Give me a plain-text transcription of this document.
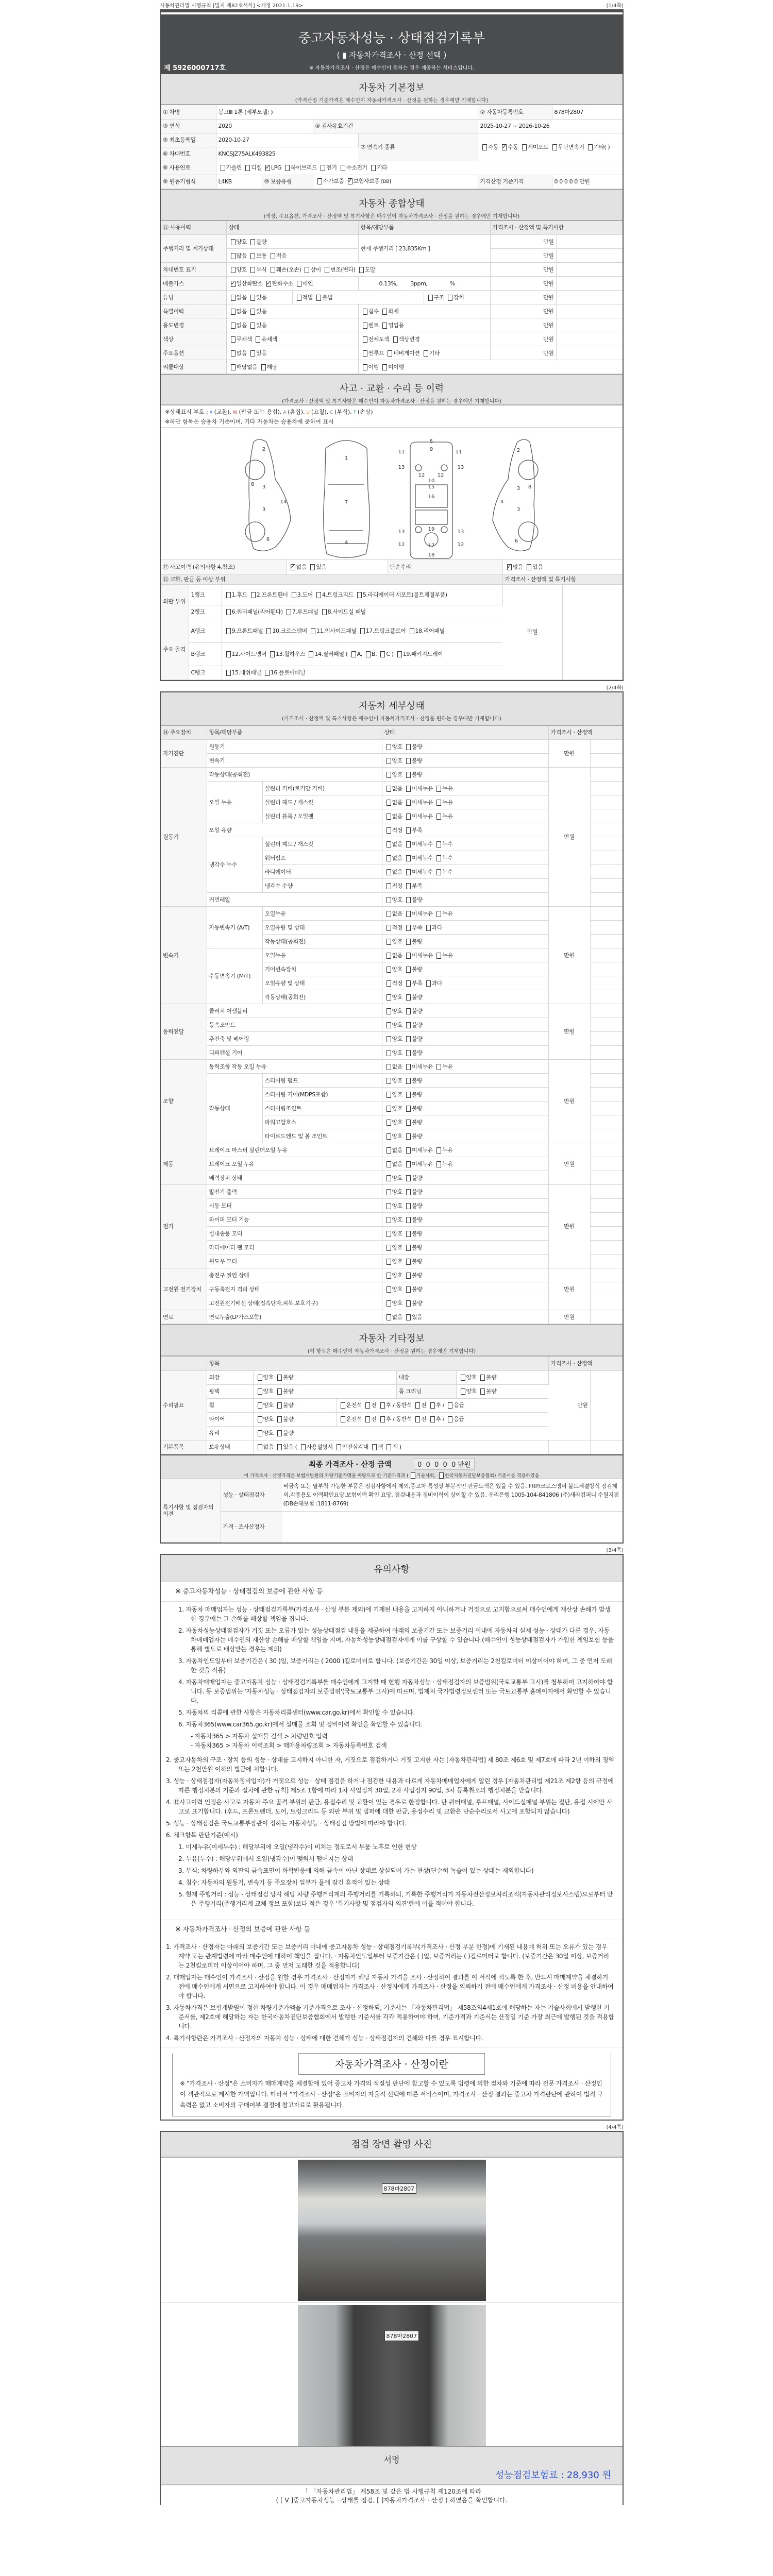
자동차관리법 시행규칙 [별지 제82호서식] <개정 2021.1.19>	(1/4쪽)
중고자동차성능 · 상태점검기록부
( ▮ 자동차가격조사 · 산정 선택 )
※ 자동차가격조사 · 산정은 매수인이 원하는 경우 제공하는 서비스입니다.
제 5926000717호
자동차 기본정보
(가격산정 기준가격은 매수인이 자동차가격조사 · 산정을 원하는 경우에만 기재합니다)
① 차명	봉고Ⅲ 1톤 (세부모델: )				② 자동차등록번호	878마2807
③ 연식	2020		④ 검사유효기간		2025-10-27 ~ 2026-10-26	
⑤ 최초등록일	2020-10-27			⑦ 변속기 종류	자동 ✓ 수동 세미오토 무단변속기 기타( )
⑥ 차대번호	KNCSJZ75ALK493825					
⑧ 사용연료	가솔린 디젤 ✓ LPG 하이브리드 전기 수소전기 기타
⑨ 원동기형식	L4KB	⑩ 보증유형	자가보증 ✓ 보험사보증 [DB]		가격산정 기준가격	0 0 0 0 0 만원
자동차 종합상태
(색상, 주요옵션, 가격조사 · 산정액 및 특기사항은 매수인이 자동차가격조사 · 산정을 원하는 경우에만 기재합니다)
⑪ 사용이력	상태		항목/해당부품		가격조사 · 산정액 및 특기사항	
주행거리 및 계기상태	양호 불량		현재 주행거리 [ 23,835Km ]		만원	
	많음 보통 적음				만원	
차대번호 표기	양호 부식 훼손(오손) 상이 변조(변타) 도말				만원	
배출가스	✓일산화탄소 ✓ 탄화수소 매연		0.13%,        3ppm,              %		만원	
튜닝	없음 있음	적법 불법		구조 장치	만원	
특별이력	없음 있음		침수 화재		만원	
용도변경	없음 있음		렌트 영업용		만원	
색상	무채색 유채색		전체도색 색상변경		만원	
주요옵션	없음 있음		썬루프 네비게이션 기타		만원	
리콜대상	해당없음 해당		이행 미이행			
사고 · 교환 · 수리 등 이력
(가격조사 · 산정액 및 특기사항은 매수인이 자동차가격조사 · 산정을 원하는 경우에만 기재합니다)
※상태표시 부호 : X (교환), W (판금 또는 용접), A (흠집), U (요철), C (부식), T (손상)
※하단 항목은 승용차 기준이며, 기타 자동차는 승용차에 준하여 표시
2
8 3
3
14
6
1
7
4
5
9
11	11
13	13
12 12
10
15
16
13	13
19
12	12
17
18
2
8
3
3
4
6
⑫ 사고이력 (유의사항 4.참조)	✓없음 있음	단순수리	✓없음 있음
⑬ 교환, 판금 등 이상 부위					가격조사 · 산정액 및 특기사항	
외판 부위	1랭크	1.후드 2.프론트휀더 3.도어 4.트렁크리드 5.라디에이터 서포트(볼트체결부품)			만원	
	2랭크	6.쿼터패널(리어휀다) 7.루프패널 8.사이드실 패널				
주요 골격	A랭크	9.프론트패널 10.크로스멤버 11.인사이드패널 17.트렁크플로어 18.리어패널				
	B랭크	12.사이드멤버 13.휠하우스 14.필러패널 ( A, B, C ) 19.패키지트레이				
	C랭크	15.대쉬패널 16.플로어패널				
(2/4쪽)
자동차 세부상태
(가격조사 · 산정액 및 특기사항은 매수인이 자동차가격조사 · 산정을 원하는 경우에만 기재합니다)
⑭ 주요장치	항목/해당부품		상태	가격조사 · 산정액	
자기진단	원동기		양호 불량	만원	
	변속기		양호 불량		
원동기	작동상태(공회전)		양호 불량	만원	
	오일 누유	실린더 커버(로커암 커버)	없음 미세누유 누유		
		실린더 헤드 / 개스킷	없음 미세누유 누유		
		실린더 블록 / 오일팬	없음 미세누유 누유		
	오일 유량		적정 부족		
	냉각수 누수	실린더 헤드 / 개스킷	없음 미세누수 누수		
		워터펌프	없음 미세누수 누수		
		라디에이터	없음 미세누수 누수		
		냉각수 수량	적정 부족		
	커먼레일		양호 불량		
변속기	자동변속기 (A/T)	오일누유	없음 미세누유 누유	만원	
		오일유량 및 상태	적정 부족 과다		
		작동상태(공회전)	양호 불량		
	수동변속기 (M/T)	오일누유	없음 미세누유 누유		
		기어변속장치	양호 불량		
		오일유량 및 상태	적정 부족 과다		
		작동상태(공회전)	양호 불량		
동력전달	클러치 어셈블리		양호 불량	만원	
	등속조인트		양호 불량		
	추진축 및 베어링		양호 불량		
	디퍼렌셜 기어		양호 불량		
조향	동력조향 작동 오일 누유		없음 미세누유 누유	만원	
	작동상태	스티어링 펌프	양호 불량		
		스티어링 기어(MDPS포함)	양호 불량		
		스티어링조인트	양호 불량		
		파워고압호스	양호 불량		
		타이로드엔드 및 볼 조인트	양호 불량		
제동	브레이크 마스터 실린더오일 누유		없음 미세누유 누유	만원	
	브레이크 오일 누유		없음 미세누유 누유		
	배력장치 상태		양호 불량		
전기	발전기 출력		양호 불량	만원	
	시동 모터		양호 불량		
	와이퍼 모터 기능		양호 불량		
	실내송풍 모터		양호 불량		
	라디에이터 팬 모터		양호 불량		
	윈도우 모터		양호 불량		
고전원 전기장치	충전구 절연 상태		양호 불량	만원	
	구동축전지 격리 상태		양호 불량		
	고전원전기배선 상태(접속단자,피복,보호기구)		양호 불량		
연료	연료누출(LP가스포함)		없음 있음	만원	
자동차 기타정보
(이 항목은 매수인이 자동차가격조사 · 산정을 원하는 경우에만 기재합니다)
	항목					가격조사 · 산정액	
수리필요	외장	양호 불량		내장	양호 불량	만원	
	광택	양호 불량		룸 크리닝	양호 불량		
	휠	양호 불량	운전석 전 후 / 동반석 전 후 / 응급				
	타이어	양호 불량	운전석 전 후 / 동반석 전 후 / 응급				
	유리	양호 불량					
기본품목	보유상태	없음 있음 ( 사용설명서 안전삼각대 잭 잭 )					
최종 가격조사 · 산정 금액	0  0  0  0  0 만원
이 가격조사 · 산정가격은 보험개발원의 차량기준가액을 바탕으로 한 기준가격과 ( 기술사회, 한국자동차진단보증협회) 기준서를 적용하였음
특기사항 및 점검자의 의견	성능 · 상태점검자	비금속 또는 탈부착 가능한 부품은 점검사항에서 제외,중고차 특성상 부분적인 판금도색은 있을 수 있음. FRP/크로스멤버 볼트체결방식 점검제외,각종용도 이력확인요망,보험이력 확인 요망, 점검내용과 정비이력이 상이할 수 있음. 우리은행 1005-104-841806 (주)새라컴퍼니 수원지점 (DB손해보험 :1811-8769)
	가격 · 조사산정자	
(3/4쪽)
유의사항
※ 중고자동차성능 · 상태점검의 보증에 관한 사항 등
1. 자동차 매매업자는 성능 · 상태점검기록부(가격조사 · 산정 부분 제외)에 기재된 내용을 고지하지 아니하거나 거짓으로 고지함으로써 매수인에게 재산상 손해가 발생한 경우에는 그 손해를 배상할 책임을 집니다.
2. 자동차성능상태점검자가 거짓 또는 오류가 있는 성능상태점검 내용을 제공하여 아래의 보증기간 또는 보증거리 이내에 자동차의 실제 성능 · 상태가 다른 경우, 자동차매매업자는 매수인의 재산상 손해를 배상할 책임을 지며, 자동차성능상태점검자에게 이를 구상할 수 있습니다.(매수인이 성능상태점검자가 가입한 책임보험 등을 통해 별도로 배상받는 경우는 제외)
3. 자동차인도일부터 보증기간은 ( 30 )일, 보증거리는 ( 2000 )킬로미터로 합니다. (보증기간은 30일 이상, 보증거리는 2천킬로미터 이상이어야 하며, 그 중 먼저 도래한 것을 적용)
4. 자동차매매업자는 중고자동차 성능 · 상태점검기록부를 매수인에게 고지할 때 현행 자동차성능 · 상태점검자의 보증범위(국토교통부 고시)를 첨부하여 고지하여야 합니다. 동 보증범위는 '자동차성능 · 상태점검자의 보증범위'(국토교통부 고시)에 따르며, 법제처 국가법령정보센터 또는 국토교통부 홈페이지에서 확인할 수 있습니다.
5. 자동차의 리콜에 관한 사항은 자동차리콜센터(www.car.go.kr)에서 확인할 수 있습니다.
6. 자동차365(www.car365.go.kr)에서 실매물 조회 및 정비이력 확인을 확인할 수 있습니다.
- 자동차365 > 자동차 실매물 검색 > 차량번호 입력
- 자동차365 > 자동차 이력조회 > 매매용차량조회 > 자동차등록번호 검색
2. 중고자동차의 구조 · 장치 등의 성능 · 상태를 고지하지 아니한 자, 거짓으로 점검하거나 거짓 고지한 자는 [자동차관리법] 제 80조 제6호 및 제7호에 따라 2년 이하의 징역 또는 2천만원 이하의 벌금에 처합니다.
3. 성능 · 상태점검자(자동차정비업자)가 거짓으로 성능 · 상태 점검을 하거나 점검한 내용과 다르게 자동차매매업자에게 알린 경우 [자동차관리법 제21조 제2항 등의 규정에 따른 행정처분의 기준과 절차에 관한 규칙] 제5조 1항에 따라 1차 사업정지 30일, 2차 사업정지 90일, 3차 등록취소의 행정처분을 받습니다.
4. ⑫사고이력 인정은 사고로 자동차 주요 골격 부위의 판금, 용접수리 및 교환이 있는 경우로 한정합니다. 단 쿼터패널, 루프패널, 사이드실패널 부위는 절단, 용접 시에만 사고로 표기합니다. (후드, 프론트펜더, 도어, 트렁크리드 등 외판 부위 및 범퍼에 대한 판금, 용접수리 및 교환은 단순수리로서 사고에 포함되지 않습니다)
5. 성능 · 상태점검은 국토교통부장관이 정하는 자동차성능 · 상태점검 방법에 따라야 합니다.
6. 체크항목 판단기준(예시)
1. 미세누유(미세누수) : 해당부위에 오일(냉각수)이 비치는 정도로서 부품 노후로 인한 현상
2. 누유(누수) : 해당부위에서 오일(냉각수)이 맺혀서 떨어지는 상태
3. 부식: 차량하부와 외판의 금속표면이 화학반응에 의해 금속이 아닌 상태로 상실되어 가는 현상(단순히 녹슬어 있는 상태는 제외합니다)
4. 침수: 자동차의 원동기, 변속기 등 주요장치 일부가 물에 잠긴 흔적이 있는 상태
5. 현재 주행거리 : 성능 · 상태점검 당시 해당 차량 주행거리계의 주행거리를 기록하되, 기록한 주행거리가 자동차전산정보처리조직(자동차관리정보시스템)으로부터 받은 주행거리(주행거리계 교체 정보 포함)보다 적은 경우 '특기사항 및 점검자의 의견'란에 이를 적어야 합니다.
※ 자동차가격조사 · 산정의 보증에 관한 사항 등
1. 가격조사 · 산정자는 아래의 보증기간 또는 보증거리 이내에 중고자동차 성능 · 상태점검기록부(가격조사 · 산정 부분 한정)에 기재된 내용에 허위 또는 오류가 있는 경우 계약 또는 관계법령에 따라 매수인에 대하여 책임을 집니다. · 자동차인도일부터 보증기간은 ( )일, 보증거리는 ( )킬로미터로 합니다. (보증기간은 30일 이상, 보증거리는 2천킬로미터 이상이어야 하며, 그 중 먼저 도래한 것을 적용합니다)
2. 매매업자는 매수인이 가격조사 · 산정을 원할 경우 가격조사 · 산정자가 해당 자동차 가격을 조사 · 산정하여 결과를 이 서식에 적도록 한 후, 반드시 매매계약을 체결하기 전에 매수인에게 서면으로 고지하여야 합니다. 이 경우 매매업자는 가격조사 · 산정자에게 가격조사 · 산정을 의뢰하기 전에 매수인에게 가격조사 · 산정 비용을 안내하여야 합니다.
3. 자동차가격은 보험개발원이 정한 차량기준가액을 기준가격으로 조사 · 산정하되, 기준서는 「자동차관리법」 제58조의4제1호에 해당하는 자는 기술사회에서 발행한 기준서를, 제2호에 해당하는 자는 한국자동차진단보증협회에서 발행한 기준서를 각각 적용하여야 하며, 기준가격과 기준서는 산정일 기준 가장 최근에 발행된 것을 적용합니다.
4. 특기사항란은 가격조사 · 산정자의 자동차 성능 · 상태에 대한 견해가 성능 · 상태점검자의 견해와 다를 경우 표시합니다.
자동차가격조사 · 산정이란

※ "가격조사 · 산정"은 소비자가 매매계약을 체결함에 있어 중고차 가격의 적절성 판단에 참고할 수 있도록 법령에 의한 절차와 기준에 따라 전문 가격조사 · 산정인이 객관적으로 제시한 가액입니다. 따라서 "가격조사 · 산정"은 소비자의 자율적 선택에 따른 서비스이며, 가격조사 · 산정 결과는 중고차 가격판단에 관하여 법적 구속력은 없고 소비자의 구매여부 결정에 참고자료로 활용됩니다.

(4/4쪽)
점검 장면 촬영 사진
878마2807
878마2807
서명
성능점검보험료 : 28,930 원
「 「자동차관리법」 제58조 및 같은 법 시행규칙 제120조에 따라
( [ V ]중고자동차성능 · 상태를 점검, [ ]자동차가격조사 · 산정 ) 하였음을 확인합니다.
